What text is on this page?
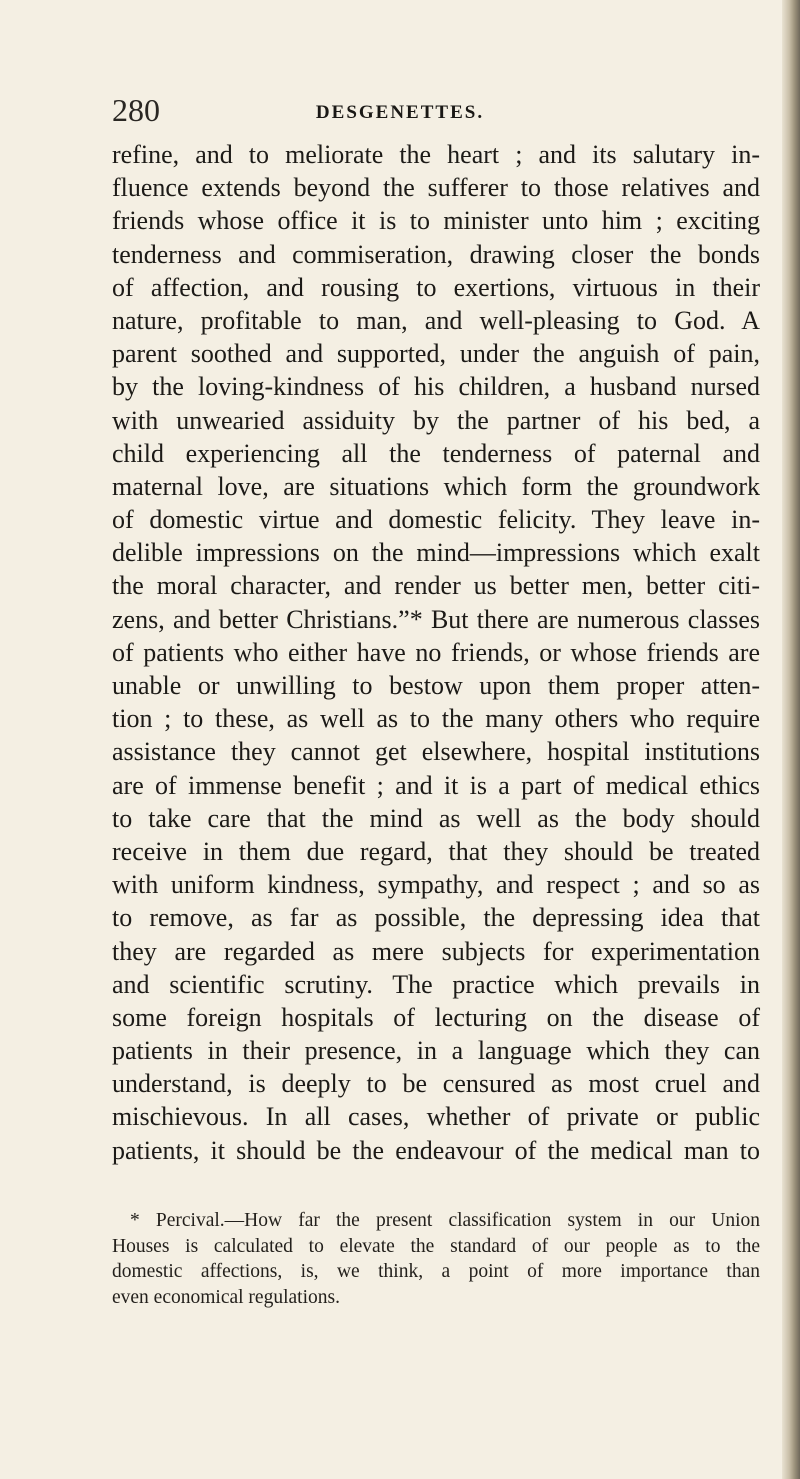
280	DESGENETTES.
refine, and to meliorate the heart ; and its salutary in-
fluence extends beyond the sufferer to those relatives and
friends whose office it is to minister unto him ; exciting
tenderness and commiseration, drawing closer the bonds
of affection, and rousing to exertions, virtuous in their
nature, profitable to man, and well-pleasing to God. A
parent soothed and supported, under the anguish of pain,
by the loving-kindness of his children, a husband nursed
with unwearied assiduity by the partner of his bed, a
child experiencing all the tenderness of paternal and
maternal love, are situations which form the groundwork
of domestic virtue and domestic felicity. They leave in-
delible impressions on the mind—impressions which exalt
the moral character, and render us better men, better citi-
zens, and better Christians.”* But there are numerous classes
of patients who either have no friends, or whose friends are
unable or unwilling to bestow upon them proper atten-
tion ; to these, as well as to the many others who require
assistance they cannot get elsewhere, hospital institutions
are of immense benefit ; and it is a part of medical ethics
to take care that the mind as well as the body should
receive in them due regard, that they should be treated
with uniform kindness, sympathy, and respect ; and so as
to remove, as far as possible, the depressing idea that
they are regarded as mere subjects for experimentation
and scientific scrutiny. The practice which prevails in
some foreign hospitals of lecturing on the disease of
patients in their presence, in a language which they can
understand, is deeply to be censured as most cruel and
mischievous. In all cases, whether of private or public
patients, it should be the endeavour of the medical man to
* Percival.—How far the present classification system in our Union
Houses is calculated to elevate the standard of our people as to the
domestic affections, is, we think, a point of more importance than
even economical regulations.
